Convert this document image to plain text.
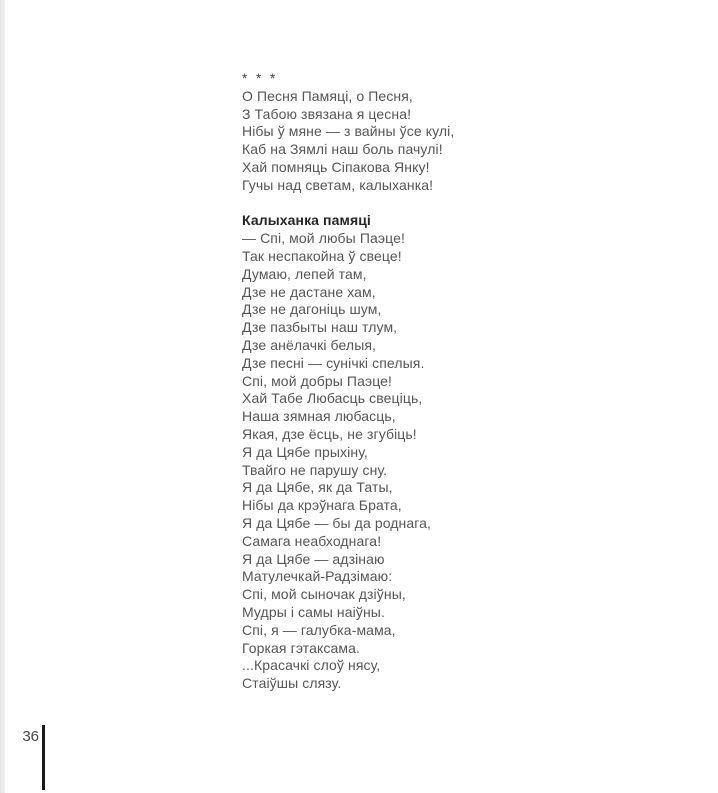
* * *
О Песня Памяці, о Песня,
З Табою звязана я цесна!
Нібы ў мяне — з вайны ўсе кулі,
Каб на Зямлі наш боль пачулі!
Хай помняць Сіпакова Янку!
Гучы над светам, калыханка!
Калыханка памяці
— Спі, мой любы Паэце!
Так неспакойна ў свеце!
Думаю, лепей там,
Дзе не дастане хам,
Дзе не дагоніць шум,
Дзе пазбыты наш тлум,
Дзе анёлачкі белыя,
Дзе песні — сунічкі спелыя.
Спі, мой добры Паэце!
Хай Табе Любасць свеціць,
Наша зямная любасць,
Якая, дзе ёсць, не згубіць!
Я да Цябе прыхіну,
Твайго не парушу сну.
Я да Цябе, як да Таты,
Нібы да крэўнага Брата,
Я да Цябе — бы да роднага,
Самага неабходнага!
Я да Цябе — адзінаю
Матулечкай-Радзімаю:
Спі, мой сыночак дзіўны,
Мудры і самы наіўны.
Спі, я — галубка-мама,
Горкая гэтаксама.
...Красачкі слоў нясу,
Стаіўшы слязу.
36
